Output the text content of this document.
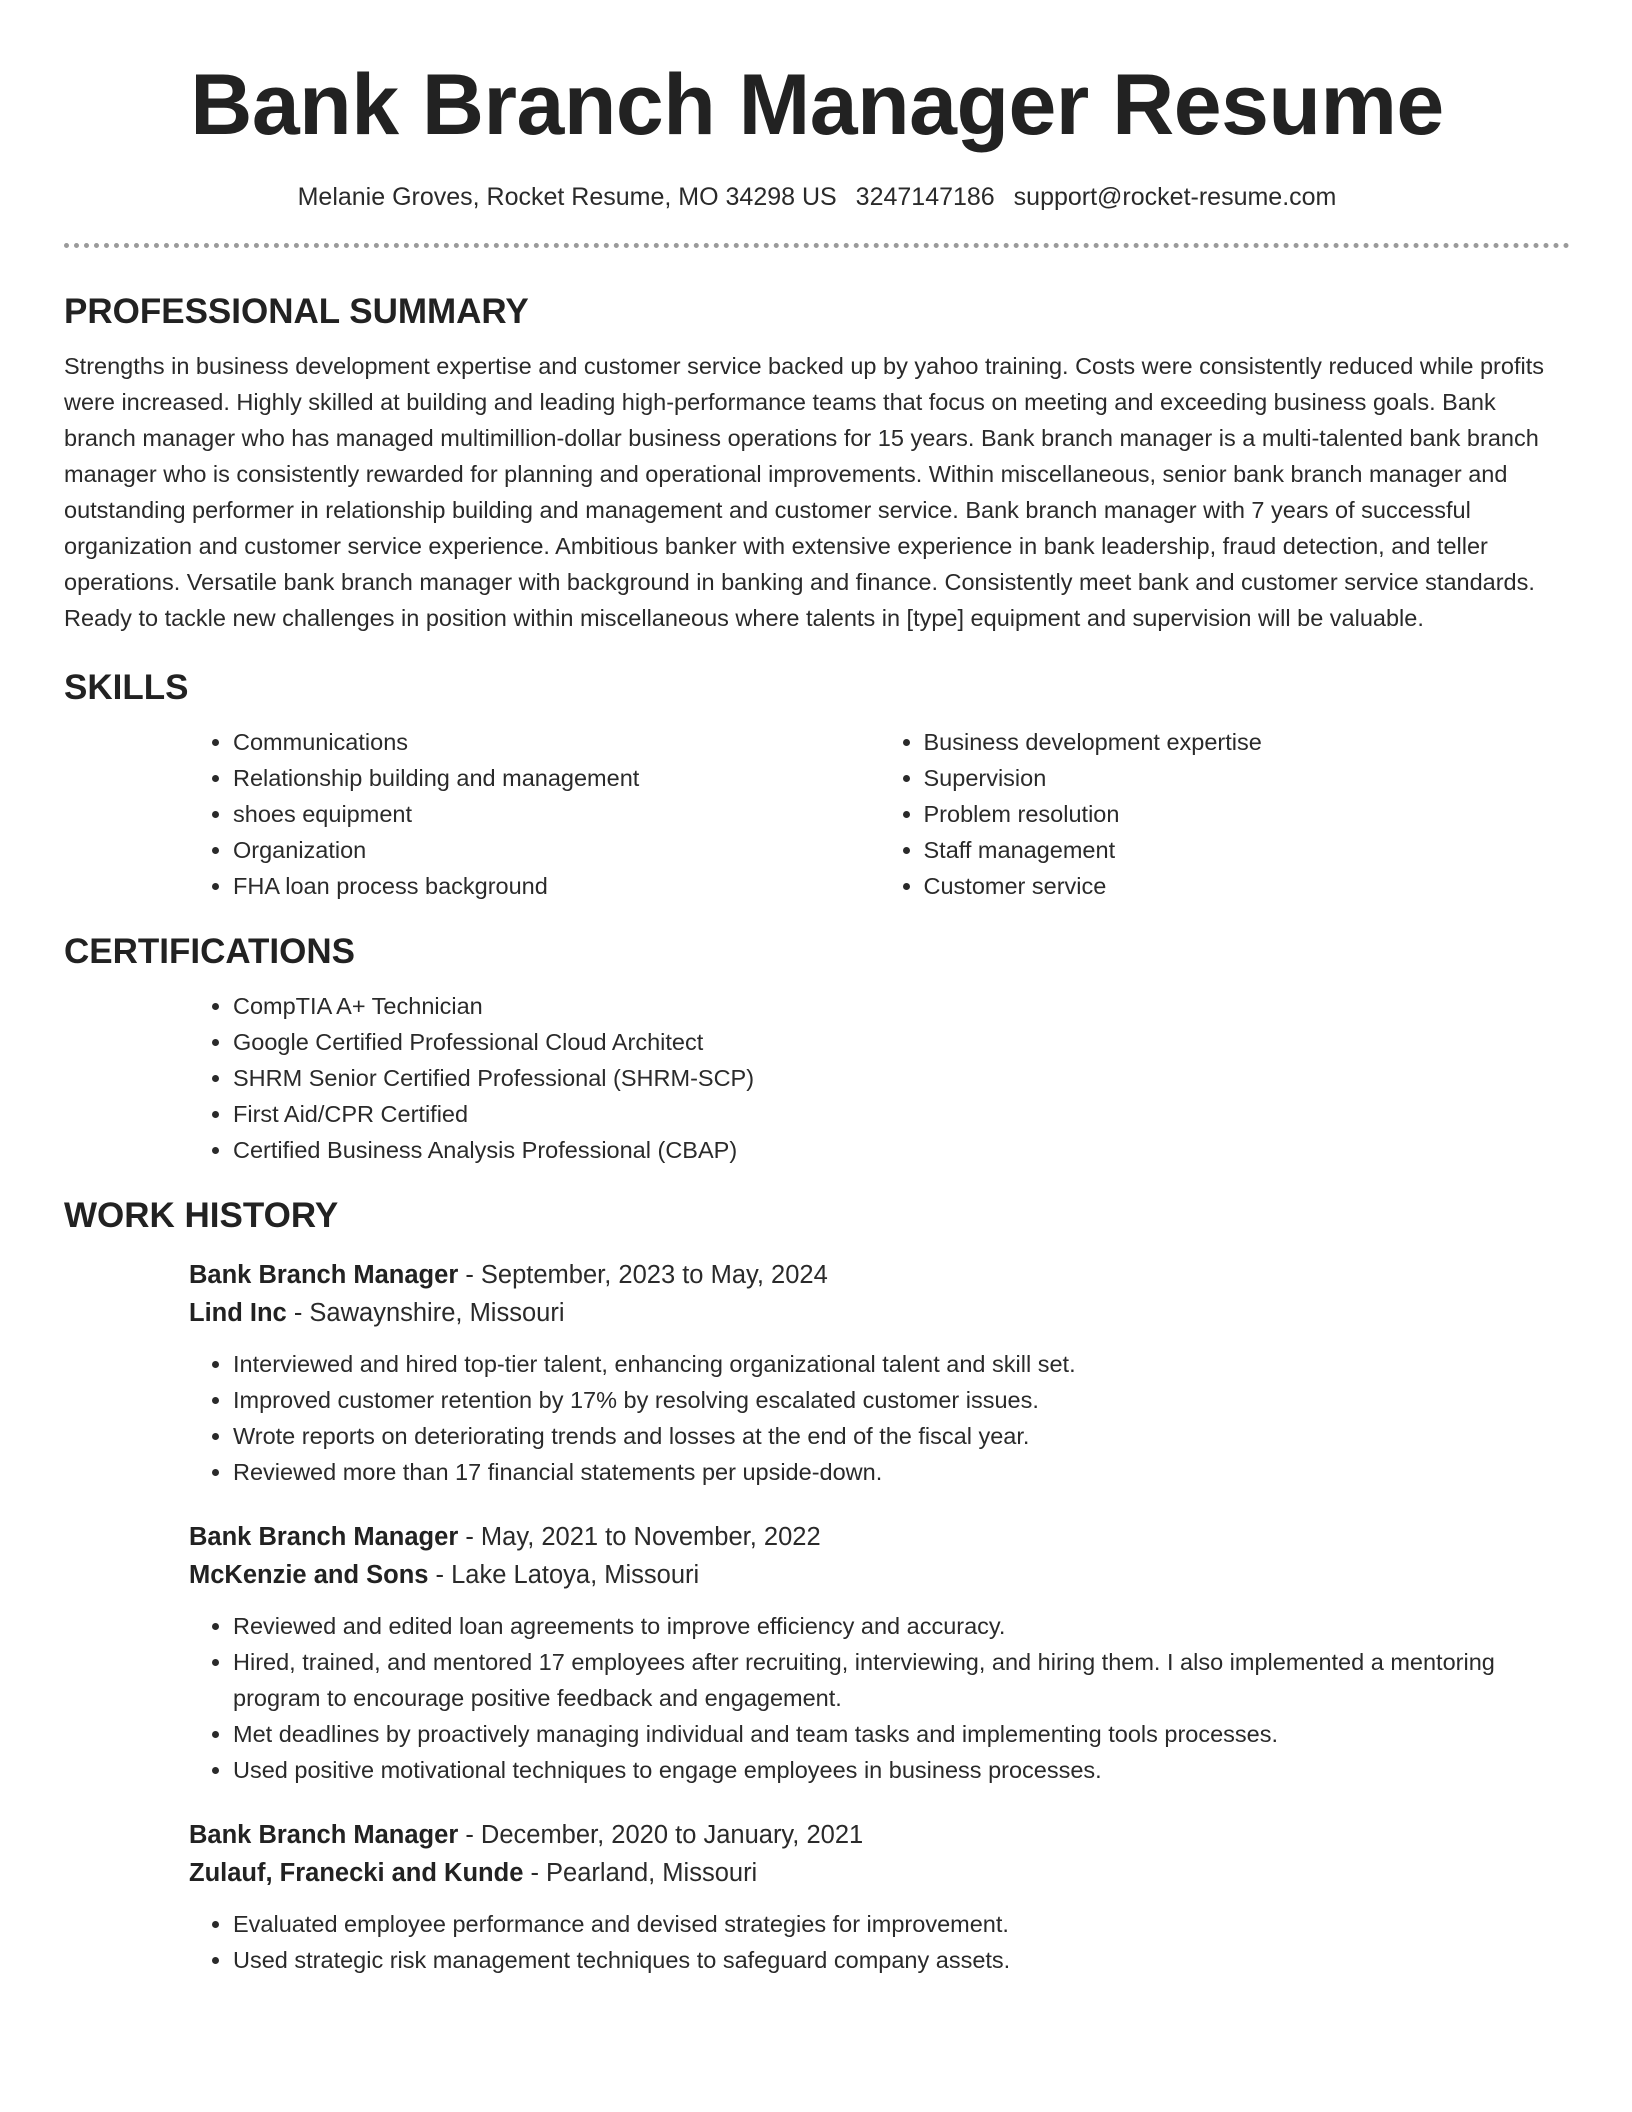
Bank Branch Manager Resume
Melanie Groves, Rocket Resume, MO 34298 US 3247147186 support@rocket-resume.com
PROFESSIONAL SUMMARY

Strengths in business development expertise and customer service backed up by yahoo training. Costs were consistently reduced while profits were increased. Highly skilled at building and leading high-performance teams that focus on meeting and exceeding business goals. Bank branch manager who has managed multimillion-dollar business operations for 15 years. Bank branch manager is a multi-talented bank branch manager who is consistently rewarded for planning and operational improvements. Within miscellaneous, senior bank branch manager and outstanding performer in relationship building and management and customer service. Bank branch manager with 7 years of successful organization and customer service experience. Ambitious banker with extensive experience in bank leadership, fraud detection, and teller operations. Versatile bank branch manager with background in banking and finance. Consistently meet bank and customer service standards. Ready to tackle new challenges in position within miscellaneous where talents in [type] equipment and supervision will be valuable.

SKILLS
• Communications
• Relationship building and management
• shoes equipment
• Organization
• FHA loan process background
• Business development expertise
• Supervision
• Problem resolution
• Staff management
• Customer service
CERTIFICATIONS
• CompTIA A+ Technician
• Google Certified Professional Cloud Architect
• SHRM Senior Certified Professional (SHRM-SCP)
• First Aid/CPR Certified
• Certified Business Analysis Professional (CBAP)
WORK HISTORY
Bank Branch Manager - September, 2023 to May, 2024
Lind Inc - Sawaynshire, Missouri
• Interviewed and hired top-tier talent, enhancing organizational talent and skill set.
• Improved customer retention by 17% by resolving escalated customer issues.
• Wrote reports on deteriorating trends and losses at the end of the fiscal year.
• Reviewed more than 17 financial statements per upside-down.
Bank Branch Manager - May, 2021 to November, 2022
McKenzie and Sons - Lake Latoya, Missouri
• Reviewed and edited loan agreements to improve efficiency and accuracy.
• Hired, trained, and mentored 17 employees after recruiting, interviewing, and hiring them. I also implemented a mentoring program to encourage positive feedback and engagement.
• Met deadlines by proactively managing individual and team tasks and implementing tools processes.
• Used positive motivational techniques to engage employees in business processes.
Bank Branch Manager - December, 2020 to January, 2021
Zulauf, Franecki and Kunde - Pearland, Missouri
• Evaluated employee performance and devised strategies for improvement.
• Used strategic risk management techniques to safeguard company assets.
